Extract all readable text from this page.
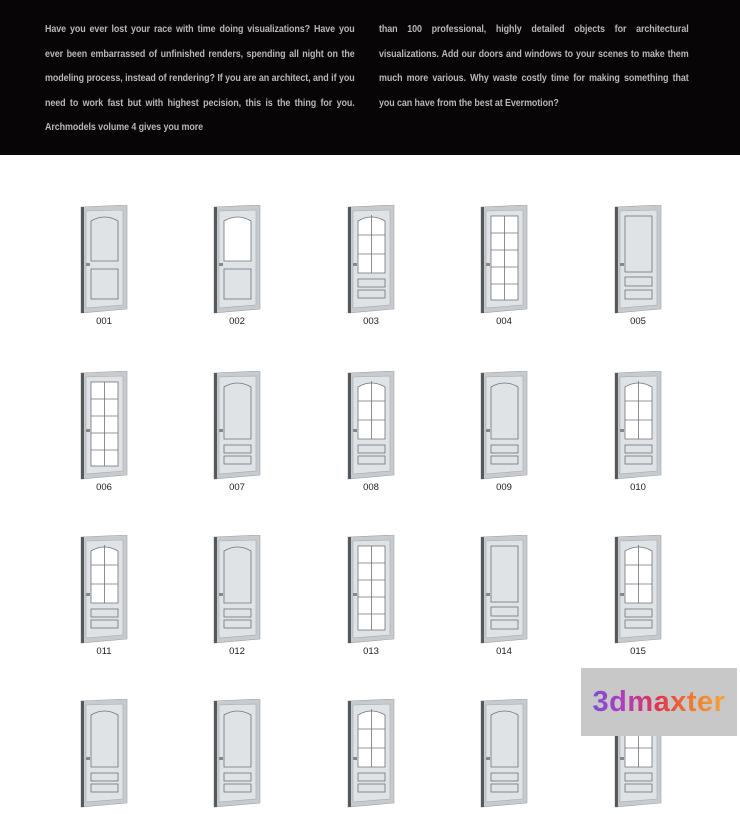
Have you ever lost your race with time doing visualizations? Have you ever been embarrassed of unfinished renders, spending all night on the modeling process, instead of rendering? If you are an architect, and if you need to work fast but with highest pecision, this is the thing for you. Archmodels volume 4 gives you more
than 100 professional, highly detailed objects for architectural visualizations. Add our doors and windows to your scenes to make them much more various. Why waste costly time for making something that you can have from the best at Evermotion?
001	002	003	004	005
006	007	008	009	010
011	012	013	014	015
3dmaxter
